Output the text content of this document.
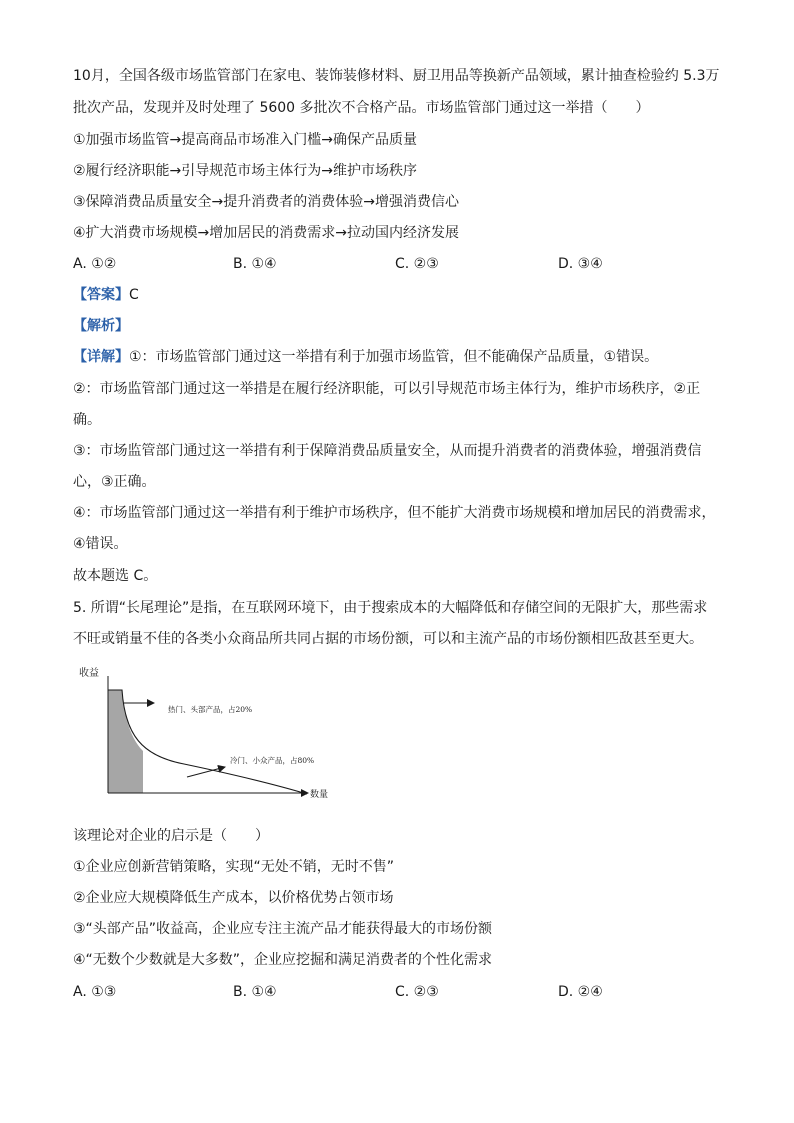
10月，全国各级市场监管部门在家电、装饰装修材料、厨卫用品等换新产品领域，累计抽查检验约 5.3万
批次产品，发现并及时处理了 5600 多批次不合格产品。市场监管部门通过这一举措（　　）
①加强市场监管→提高商品市场准入门槛→确保产品质量
②履行经济职能→引导规范市场主体行为→维护市场秩序
③保障消费品质量安全→提升消费者的消费体验→增强消费信心
④扩大消费市场规模→增加居民的消费需求→拉动国内经济发展
A. ①②	B. ①④	C. ②③	D. ③④
【答案】C
【解析】
【详解】①：市场监管部门通过这一举措有利于加强市场监管，但不能确保产品质量，①错误。
②：市场监管部门通过这一举措是在履行经济职能，可以引导规范市场主体行为，维护市场秩序，②正
确。
③：市场监管部门通过这一举措有利于保障消费品质量安全，从而提升消费者的消费体验，增强消费信
心，③正确。
④：市场监管部门通过这一举措有利于维护市场秩序，但不能扩大消费市场规模和增加居民的消费需求，
④错误。
故本题选 C。
5. 所谓“长尾理论”是指，在互联网环境下，由于搜索成本的大幅降低和存储空间的无限扩大，那些需求
不旺或销量不佳的各类小众商品所共同占据的市场份额，可以和主流产品的市场份额相匹敌甚至更大。
收益
数量
热门、头部产品，占20%
冷门、小众产品，占80%
该理论对企业的启示是（　　）
①企业应创新营销策略，实现“无处不销，无时不售”
②企业应大规模降低生产成本，以价格优势占领市场
③“头部产品”收益高，企业应专注主流产品才能获得最大的市场份额
④“无数个少数就是大多数”，企业应挖掘和满足消费者的个性化需求
A. ①③	B. ①④	C. ②③	D. ②④
